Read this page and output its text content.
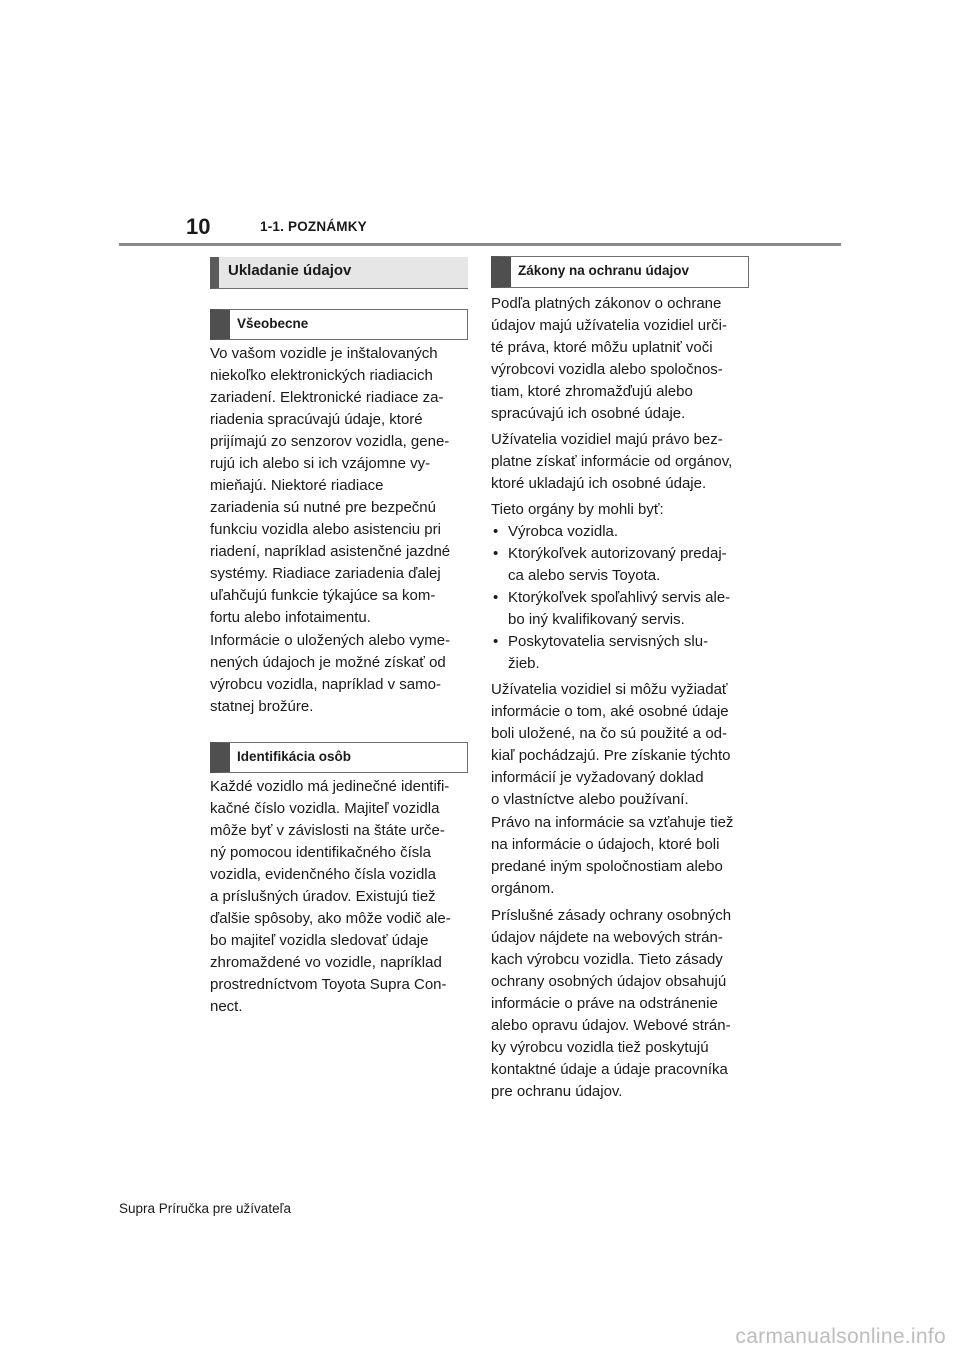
10	1-1. POZNÁMKY
Ukladanie údajov
Všeobecne
Vo vašom vozidle je inštalovaných
niekoľko elektronických riadiacich
zariadení. Elektronické riadiace za-
riadenia spracúvajú údaje, ktoré
prijímajú zo senzorov vozidla, gene-
rujú ich alebo si ich vzájomne vy-
mieňajú. Niektoré riadiace
zariadenia sú nutné pre bezpečnú
funkciu vozidla alebo asistenciu pri
riadení, napríklad asistenčné jazdné
systémy. Riadiace zariadenia ďalej
uľahčujú funkcie týkajúce sa kom-
fortu alebo infotaimentu.
Informácie o uložených alebo vyme-
nených údajoch je možné získať od
výrobcu vozidla, napríklad v samo-
statnej brožúre.
Identifikácia osôb
Každé vozidlo má jedinečné identifi-
kačné číslo vozidla. Majiteľ vozidla
môže byť v závislosti na štáte urče-
ný pomocou identifikačného čísla
vozidla, evidenčného čísla vozidla
a príslušných úradov. Existujú tiež
ďalšie spôsoby, ako môže vodič ale-
bo majiteľ vozidla sledovať údaje
zhromaždené vo vozidle, napríklad
prostredníctvom Toyota Supra Con-
nect.
Zákony na ochranu údajov
Podľa platných zákonov o ochrane
údajov majú užívatelia vozidiel urči-
té práva, ktoré môžu uplatniť voči
výrobcovi vozidla alebo spoločnos-
tiam, ktoré zhromažďujú alebo
spracúvajú ich osobné údaje.
Užívatelia vozidiel majú právo bez-
platne získať informácie od orgánov,
ktoré ukladajú ich osobné údaje.
Tieto orgány by mohli byť:
• Výrobca vozidla.
• Ktorýkoľvek autorizovaný predaj-
ca alebo servis Toyota.
• Ktorýkoľvek spoľahlivý servis ale-
bo iný kvalifikovaný servis.
• Poskytovatelia servisných slu-
žieb.
Užívatelia vozidiel si môžu vyžiadať
informácie o tom, aké osobné údaje
boli uložené, na čo sú použité a od-
kiaľ pochádzajú. Pre získanie týchto
informácií je vyžadovaný doklad
o vlastníctve alebo používaní.
Právo na informácie sa vzťahuje tiež
na informácie o údajoch, ktoré boli
predané iným spoločnostiam alebo
orgánom.
Príslušné zásady ochrany osobných
údajov nájdete na webových strán-
kach výrobcu vozidla. Tieto zásady
ochrany osobných údajov obsahujú
informácie o práve na odstránenie
alebo opravu údajov. Webové strán-
ky výrobcu vozidla tiež poskytujú
kontaktné údaje a údaje pracovníka
pre ochranu údajov.
Supra Príručka pre užívateľa
carmanualsonline.info
